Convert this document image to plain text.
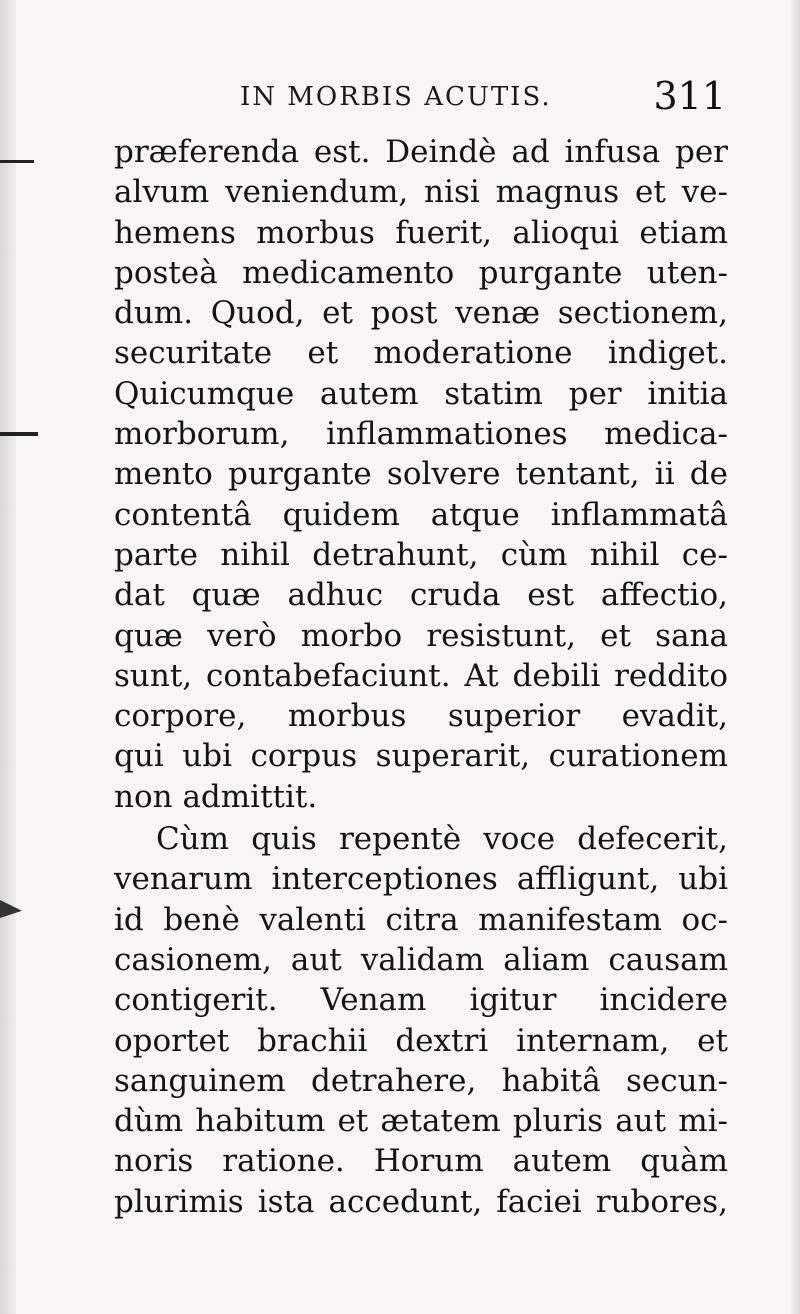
IN MORBIS ACUTIS.	311
præferenda est. Deindè ad infusa per
alvum veniendum, nisi magnus et ve-
hemens morbus fuerit, alioqui etiam
posteà medicamento purgante uten-
dum. Quod, et post venæ sectionem,
securitate et moderatione indiget.
Quicumque autem statim per initia
morborum, inflammationes medica-
mento purgante solvere tentant, ii de
contentâ quidem atque inflammatâ
parte nihil detrahunt, cùm nihil ce-
dat quæ adhuc cruda est affectio,
quæ verò morbo resistunt, et sana
sunt, contabefaciunt. At debili reddito
corpore, morbus superior evadit,
qui ubi corpus superarit, curationem
non admittit.
Cùm quis repentè voce defecerit,
venarum interceptiones affligunt, ubi
id benè valenti citra manifestam oc-
casionem, aut validam aliam causam
contigerit. Venam igitur incidere
oportet brachii dextri internam, et
sanguinem detrahere, habitâ secun-
dùm habitum et ætatem pluris aut mi-
noris ratione. Horum autem quàm
plurimis ista accedunt, faciei rubores,
